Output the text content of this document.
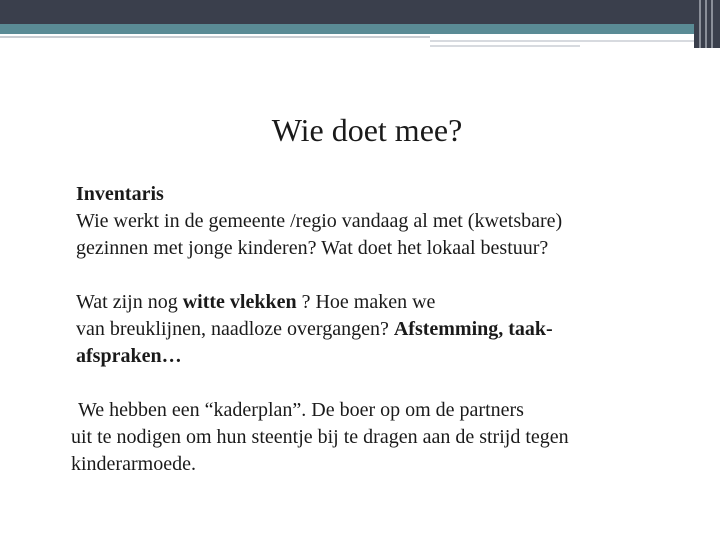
Wie doet mee?

Inventaris
Wie werkt in de gemeente /regio vandaag al met (kwetsbare)
gezinnen met jonge kinderen? Wat doet het lokaal bestuur?

Wat zijn nog witte vlekken ? Hoe maken we
van breuklijnen, naadloze overgangen? Afstemming, taak-
afspraken…

We hebben een “kaderplan”. De boer op om de partners
uit te nodigen om hun steentje bij te dragen aan de strijd tegen
kinderarmoede.
